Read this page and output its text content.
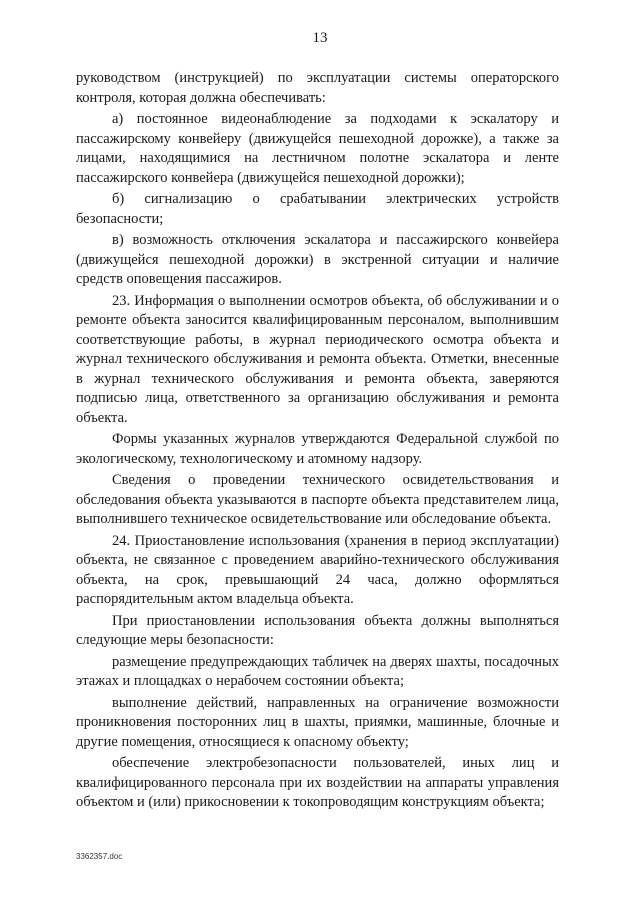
13

руководством (инструкцией) по эксплуатации системы операторского контроля, которая должна обеспечивать:

а) постоянное видеонаблюдение за подходами к эскалатору и пассажирскому конвейеру (движущейся пешеходной дорожке), а также за лицами, находящимися на лестничном полотне эскалатора и ленте пассажирского конвейера (движущейся пешеходной дорожки);

б) сигнализацию о срабатывании электрических устройств безопасности;

в) возможность отключения эскалатора и пассажирского конвейера (движущейся пешеходной дорожки) в экстренной ситуации и наличие средств оповещения пассажиров.

23. Информация о выполнении осмотров объекта, об обслуживании и о ремонте объекта заносится квалифицированным персоналом, выполнившим соответствующие работы, в журнал периодического осмотра объекта и журнал технического обслуживания и ремонта объекта. Отметки, внесенные в журнал технического обслуживания и ремонта объекта, заверяются подписью лица, ответственного за организацию обслуживания и ремонта объекта.

Формы указанных журналов утверждаются Федеральной службой по экологическому, технологическому и атомному надзору.

Сведения о проведении технического освидетельствования и обследования объекта указываются в паспорте объекта представителем лица, выполнившего техническое освидетельствование или обследование объекта.

24. Приостановление использования (хранения в период эксплуатации) объекта, не связанное с проведением аварийно-технического обслуживания объекта, на срок, превышающий 24 часа, должно оформляться распорядительным актом владельца объекта.

При приостановлении использования объекта должны выполняться следующие меры безопасности:

размещение предупреждающих табличек на дверях шахты, посадочных этажах и площадках о нерабочем состоянии объекта;

выполнение действий, направленных на ограничение возможности проникновения посторонних лиц в шахты, приямки, машинные, блочные и другие помещения, относящиеся к опасному объекту;

обеспечение электробезопасности пользователей, иных лиц и квалифицированного персонала при их воздействии на аппараты управления объектом и (или) прикосновении к токопроводящим конструкциям объекта;

3362357.doc
